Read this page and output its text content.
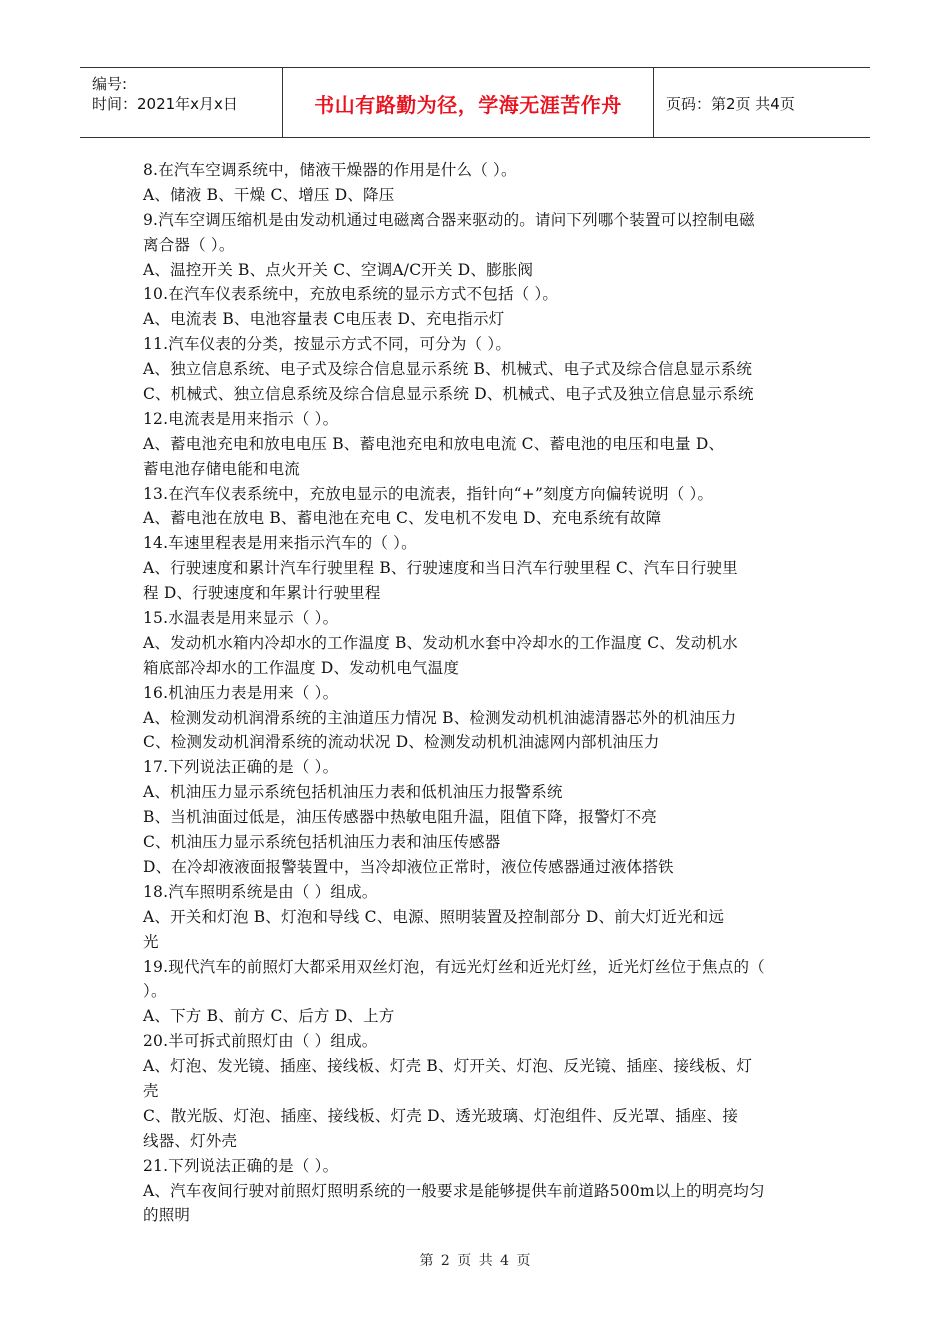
编号:
时间：2021年x月x日	书山有路勤为径，学海无涯苦作舟	页码：第2页 共4页
8.在汽车空调系统中，储液干燥器的作用是什么（ ）。
A、储液 B、干燥 C、增压 D、降压
9.汽车空调压缩机是由发动机通过电磁离合器来驱动的。请问下列哪个装置可以控制电磁
离合器（ ）。
A、温控开关 B、点火开关 C、空调A/C开关 D、膨胀阀
10.在汽车仪表系统中，充放电系统的显示方式不包括（ ）。
A、电流表 B、电池容量表 C电压表 D、充电指示灯
11.汽车仪表的分类，按显示方式不同，可分为（ ）。
A、独立信息系统、电子式及综合信息显示系统 B、机械式、电子式及综合信息显示系统
C、机械式、独立信息系统及综合信息显示系统 D、机械式、电子式及独立信息显示系统
12.电流表是用来指示（ ）。
A、蓄电池充电和放电电压 B、蓄电池充电和放电电流 C、蓄电池的电压和电量 D、
蓄电池存储电能和电流
13.在汽车仪表系统中，充放电显示的电流表，指针向“+”刻度方向偏转说明（ ）。
A、蓄电池在放电 B、蓄电池在充电 C、发电机不发电 D、充电系统有故障
14.车速里程表是用来指示汽车的（ ）。
A、行驶速度和累计汽车行驶里程 B、行驶速度和当日汽车行驶里程 C、汽车日行驶里
程 D、行驶速度和年累计行驶里程
15.水温表是用来显示（ ）。
A、发动机水箱内冷却水的工作温度 B、发动机水套中冷却水的工作温度 C、发动机水
箱底部冷却水的工作温度 D、发动机电气温度
16.机油压力表是用来（ ）。
A、检测发动机润滑系统的主油道压力情况 B、检测发动机机油滤清器芯外的机油压力
C、检测发动机润滑系统的流动状况 D、检测发动机机油滤网内部机油压力
17.下列说法正确的是（ ）。
A、机油压力显示系统包括机油压力表和低机油压力报警系统
B、当机油面过低是，油压传感器中热敏电阻升温，阻值下降，报警灯不亮
C、机油压力显示系统包括机油压力表和油压传感器
D、在冷却液液面报警装置中，当冷却液位正常时，液位传感器通过液体搭铁
18.汽车照明系统是由（ ）组成。
A、开关和灯泡 B、灯泡和导线 C、电源、照明装置及控制部分 D、前大灯近光和远
光
19.现代汽车的前照灯大都采用双丝灯泡，有远光灯丝和近光灯丝，近光灯丝位于焦点的（
）。
A、下方 B、前方 C、后方 D、上方
20.半可拆式前照灯由（ ）组成。
A、灯泡、发光镜、插座、接线板、灯壳 B、灯开关、灯泡、反光镜、插座、接线板、灯
壳
C、散光版、灯泡、插座、接线板、灯壳 D、透光玻璃、灯泡组件、反光罩、插座、接
线器、灯外壳
21.下列说法正确的是（ ）。
A、汽车夜间行驶对前照灯照明系统的一般要求是能够提供车前道路500m以上的明亮均匀
的照明
第 2 页 共 4 页
